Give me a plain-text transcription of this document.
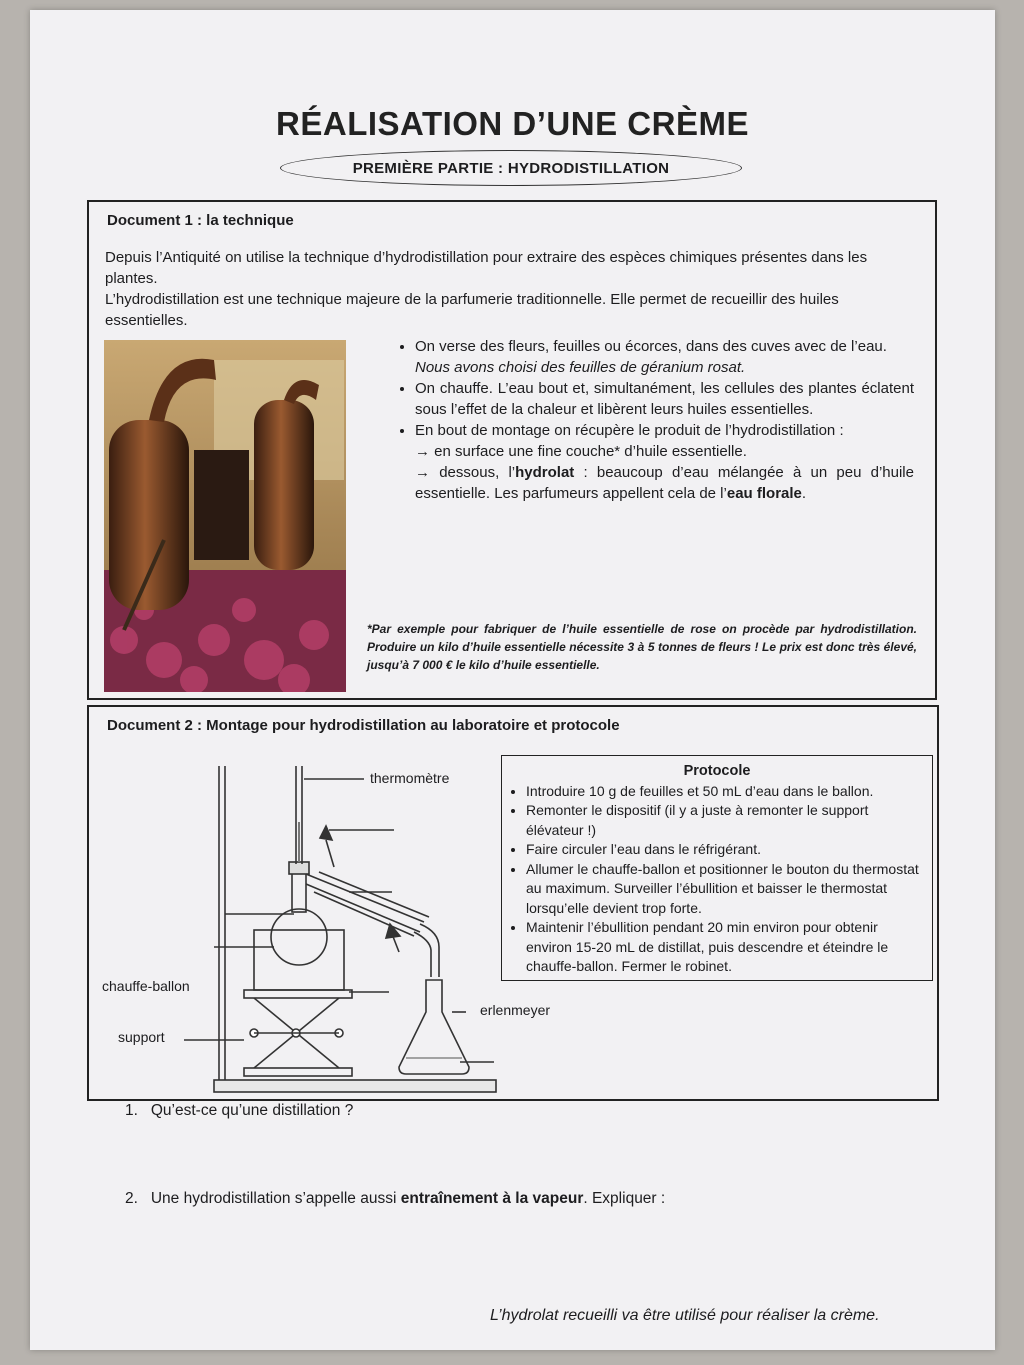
RÉALISATION D’UNE CRÈME
PREMIÈRE PARTIE : HYDRODISTILLATION
Document 1 : la technique

Depuis l’Antiquité on utilise la technique d’hydrodistillation pour extraire des espèces chimiques présentes dans les plantes.

L’hydrodistillation est une technique majeure de la parfumerie traditionnelle. Elle permet de recueillir des huiles essentielles.

• On verse des fleurs, feuilles ou écorces, dans des cuves avec de l’eau.
Nous avons choisi des feuilles de géranium rosat.
• On chauffe. L’eau bout et, simultanément, les cellules des plantes éclatent sous l’effet de la chaleur et libèrent leurs huiles essentielles.
• En bout de montage on récupère le produit de l’hydrodistillation :
→ en surface une fine couche* d’huile essentielle.
→ dessous, l’hydrolat : beaucoup d’eau mélangée à un peu d’huile essentielle. Les parfumeurs appellent cela de l’eau florale.
*Par exemple pour fabriquer de l’huile essentielle de rose on procède par hydrodistillation. Produire un kilo d’huile essentielle nécessite 3 à 5 tonnes de fleurs ! Le prix est donc très élevé, jusqu’à 7 000 € le kilo d’huile essentielle.
Document 2 : Montage pour hydrodistillation au laboratoire et protocole
thermomètre
chauffe-ballon
support
erlenmeyer
Protocole
• Introduire 10 g de feuilles et 50 mL d’eau dans le ballon.
• Remonter le dispositif (il y a juste à remonter le support élévateur !)
• Faire circuler l’eau dans le réfrigérant.
• Allumer le chauffe-ballon et positionner le bouton du thermostat au maximum. Surveiller l’ébullition et baisser le thermostat lorsqu’elle devient trop forte.
• Maintenir l’ébullition pendant 20 min environ pour obtenir environ 15-20 mL de distillat, puis descendre et éteindre le chauffe-ballon. Fermer le robinet.
1. Qu’est-ce qu’une distillation ?
2. Une hydrodistillation s’appelle aussi entraînement à la vapeur. Expliquer :
L’hydrolat recueilli va être utilisé pour réaliser la crème.
